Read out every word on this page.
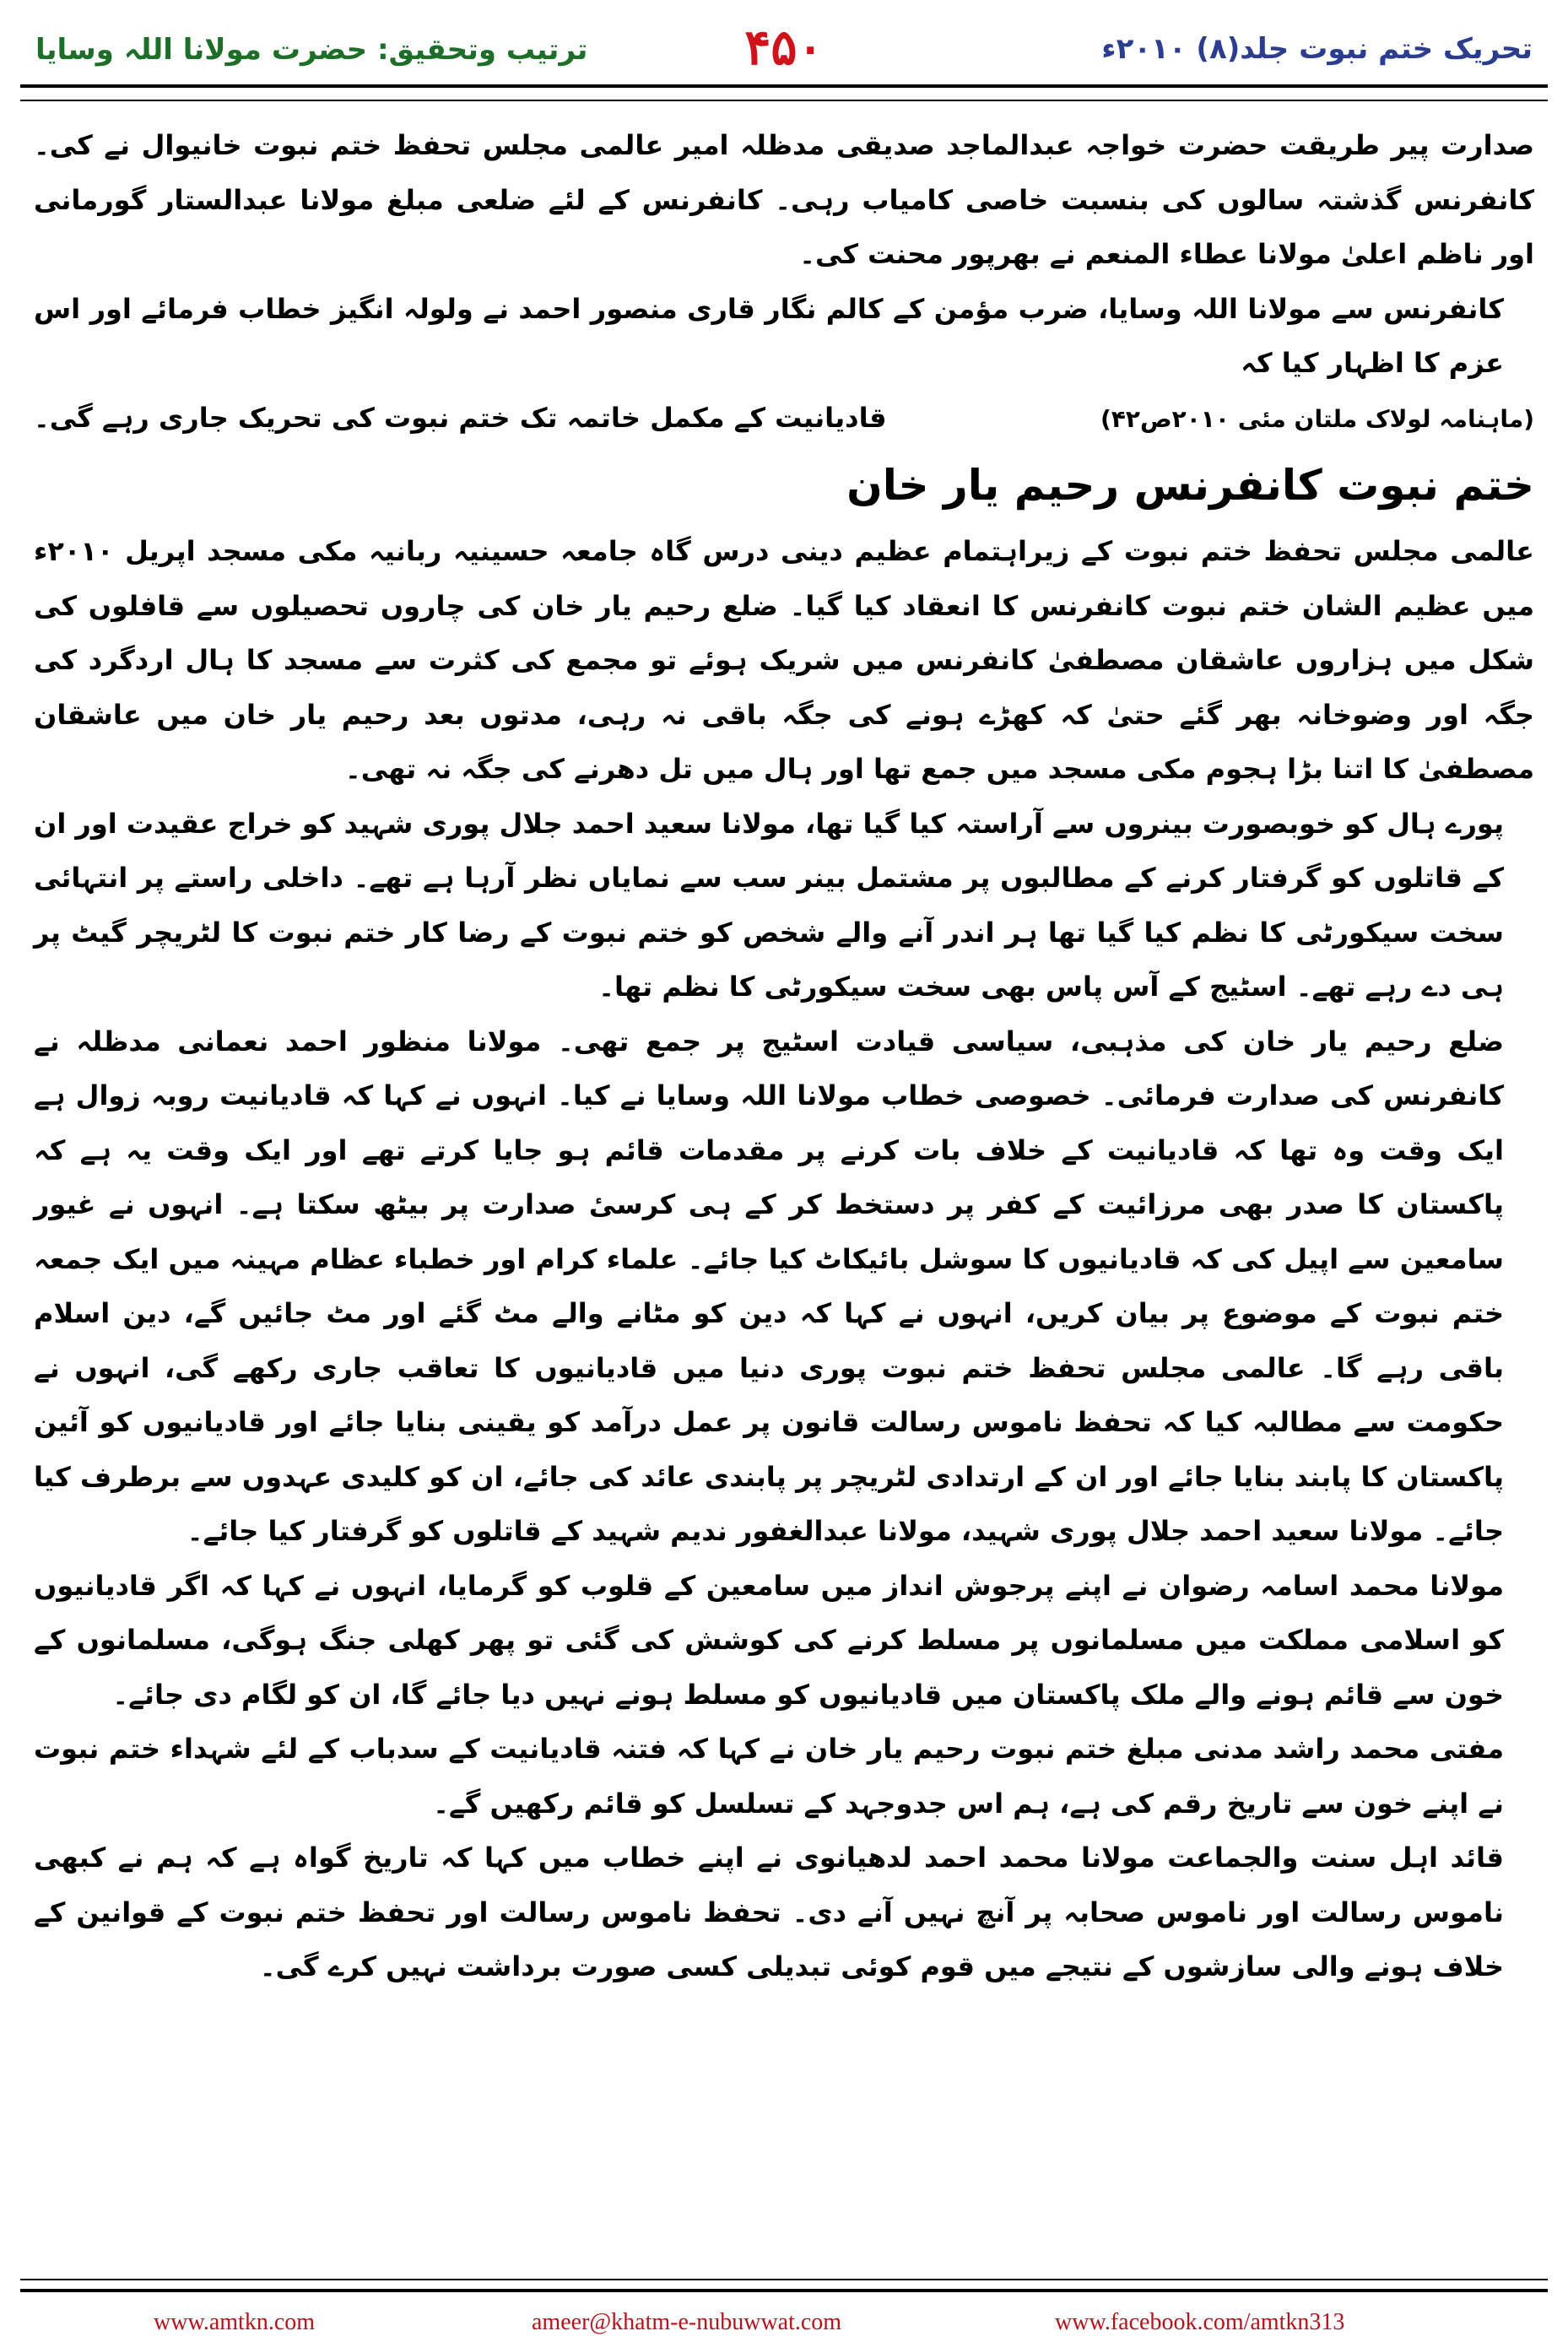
تحریک ختم نبوت جلد(۸) ۲۰۱۰ء
۴۵۰
ترتیب وتحقیق: حضرت مولانا اللہ وسایا

صدارت پیر طریقت حضرت خواجہ عبدالماجد صدیقی مدظلہ امیر عالمی مجلس تحفظ ختم نبوت خانیوال نے کی۔ کانفرنس گذشتہ سالوں کی بنسبت خاصی کامیاب رہی۔ کانفرنس کے لئے ضلعی مبلغ مولانا عبدالستار گورمانی اور ناظم اعلیٰ مولانا عطاء المنعم نے بھرپور محنت کی۔

کانفرنس سے مولانا اللہ وسایا، ضرب مؤمن کے کالم نگار قاری منصور احمد نے ولولہ انگیز خطاب فرمائے اور اس عزم کا اظہار کیا کہ

قادیانیت کے مکمل خاتمہ تک ختم نبوت کی تحریک جاری رہے گی۔	(ماہنامہ لولاک ملتان مئی ۲۰۱۰ص۴۲)
ختم نبوت کانفرنس رحیم یار خان

عالمی مجلس تحفظ ختم نبوت کے زیراہتمام عظیم دینی درس گاہ جامعہ حسینیہ ربانیہ مکی مسجد اپریل ۲۰۱۰ء میں عظیم الشان ختم نبوت کانفرنس کا انعقاد کیا گیا۔ ضلع رحیم یار خان کی چاروں تحصیلوں سے قافلوں کی شکل میں ہزاروں عاشقان مصطفیٰ کانفرنس میں شریک ہوئے تو مجمع کی کثرت سے مسجد کا ہال اردگرد کی جگہ اور وضوخانہ بھر گئے حتیٰ کہ کھڑے ہونے کی جگہ باقی نہ رہی، مدتوں بعد رحیم یار خان میں عاشقان مصطفیٰ کا اتنا بڑا ہجوم مکی مسجد میں جمع تھا اور ہال میں تل دھرنے کی جگہ نہ تھی۔

پورے ہال کو خوبصورت بینروں سے آراستہ کیا گیا تھا، مولانا سعید احمد جلال پوری شہید کو خراج عقیدت اور ان کے قاتلوں کو گرفتار کرنے کے مطالبوں پر مشتمل بینر سب سے نمایاں نظر آرہا ہے تھے۔ داخلی راستے پر انتہائی سخت سیکورٹی کا نظم کیا گیا تھا ہر اندر آنے والے شخص کو ختم نبوت کے رضا کار ختم نبوت کا لٹریچر گیٹ پر ہی دے رہے تھے۔ اسٹیج کے آس پاس بھی سخت سیکورٹی کا نظم تھا۔

ضلع رحیم یار خان کی مذہبی، سیاسی قیادت اسٹیج پر جمع تھی۔ مولانا منظور احمد نعمانی مدظلہ نے کانفرنس کی صدارت فرمائی۔ خصوصی خطاب مولانا اللہ وسایا نے کیا۔ انہوں نے کہا کہ قادیانیت روبہ زوال ہے ایک وقت وہ تھا کہ قادیانیت کے خلاف بات کرنے پر مقدمات قائم ہو جایا کرتے تھے اور ایک وقت یہ ہے کہ پاکستان کا صدر بھی مرزائیت کے کفر پر دستخط کر کے ہی کرسیٔ صدارت پر بیٹھ سکتا ہے۔ انہوں نے غیور سامعین سے اپیل کی کہ قادیانیوں کا سوشل بائیکاٹ کیا جائے۔ علماء کرام اور خطباء عظام مہینہ میں ایک جمعہ ختم نبوت کے موضوع پر بیان کریں، انہوں نے کہا کہ دین کو مٹانے والے مٹ گئے اور مٹ جائیں گے، دین اسلام باقی رہے گا۔ عالمی مجلس تحفظ ختم نبوت پوری دنیا میں قادیانیوں کا تعاقب جاری رکھے گی، انہوں نے حکومت سے مطالبہ کیا کہ تحفظ ناموس رسالت قانون پر عمل درآمد کو یقینی بنایا جائے اور قادیانیوں کو آئین پاکستان کا پابند بنایا جائے اور ان کے ارتدادی لٹریچر پر پابندی عائد کی جائے، ان کو کلیدی عہدوں سے برطرف کیا جائے۔ مولانا سعید احمد جلال پوری شہید، مولانا عبدالغفور ندیم شہید کے قاتلوں کو گرفتار کیا جائے۔

مولانا محمد اسامہ رضوان نے اپنے پرجوش انداز میں سامعین کے قلوب کو گرمایا، انہوں نے کہا کہ اگر قادیانیوں کو اسلامی مملکت میں مسلمانوں پر مسلط کرنے کی کوشش کی گئی تو پھر کھلی جنگ ہوگی، مسلمانوں کے خون سے قائم ہونے والے ملک پاکستان میں قادیانیوں کو مسلط ہونے نہیں دیا جائے گا، ان کو لگام دی جائے۔

مفتی محمد راشد مدنی مبلغ ختم نبوت رحیم یار خان نے کہا کہ فتنہ قادیانیت کے سدباب کے لئے شہداء ختم نبوت نے اپنے خون سے تاریخ رقم کی ہے، ہم اس جدوجہد کے تسلسل کو قائم رکھیں گے۔

قائد اہل سنت والجماعت مولانا محمد احمد لدھیانوی نے اپنے خطاب میں کہا کہ تاریخ گواہ ہے کہ ہم نے کبھی ناموس رسالت اور ناموس صحابہ پر آنچ نہیں آنے دی۔ تحفظ ناموس رسالت اور تحفظ ختم نبوت کے قوانین کے خلاف ہونے والی سازشوں کے نتیجے میں قوم کوئی تبدیلی کسی صورت برداشت نہیں کرے گی۔

www.amtkn.com	ameer@khatm-e-nubuwwat.com	www.facebook.com/amtkn313
